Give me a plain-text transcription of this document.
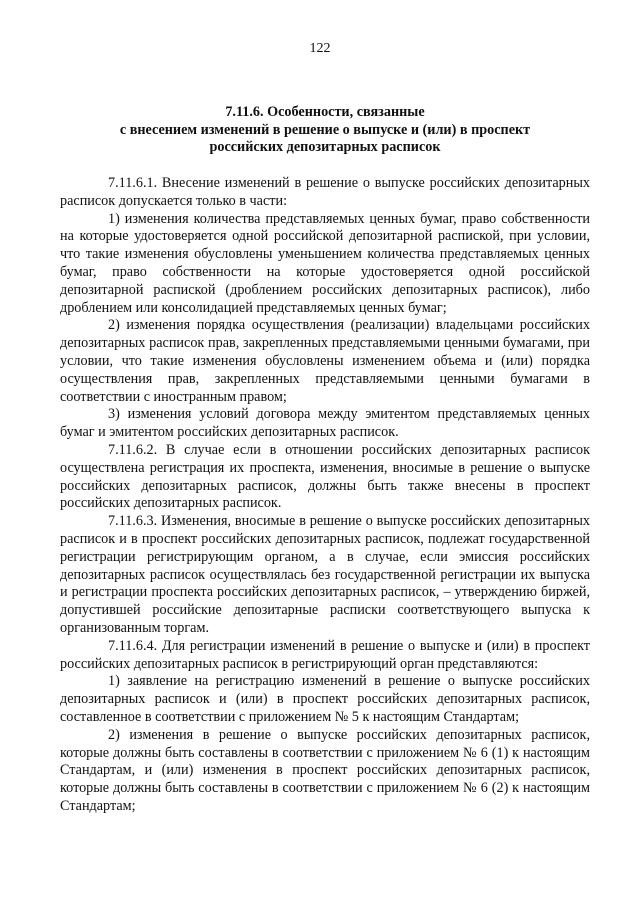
122
7.11.6. Особенности, связанные
с внесением изменений в решение о выпуске и (или) в проспект
российских депозитарных расписок

7.11.6.1. Внесение изменений в решение о выпуске российских депозитарных расписок допускается только в части:

1) изменения количества представляемых ценных бумаг, право собственности на которые удостоверяется одной российской депозитарной распиской, при условии, что такие изменения обусловлены уменьшением количества представляемых ценных бумаг, право собственности на которые удостоверяется одной российской депозитарной распиской (дроблением российских депозитарных расписок), либо дроблением или консолидацией представляемых ценных бумаг;

2) изменения порядка осуществления (реализации) владельцами российских депозитарных расписок прав, закрепленных представляемыми ценными бумагами, при условии, что такие изменения обусловлены изменением объема и (или) порядка осуществления прав, закрепленных представляемыми ценными бумагами в соответствии с иностранным правом;

3) изменения условий договора между эмитентом представляемых ценных бумаг и эмитентом российских депозитарных расписок.

7.11.6.2. В случае если в отношении российских депозитарных расписок осуществлена регистрация их проспекта, изменения, вносимые в решение о выпуске российских депозитарных расписок, должны быть также внесены в проспект российских депозитарных расписок.

7.11.6.3. Изменения, вносимые в решение о выпуске российских депозитарных расписок и в проспект российских депозитарных расписок, подлежат государственной регистрации регистрирующим органом, а в случае, если эмиссия российских депозитарных расписок осуществлялась без государственной регистрации их выпуска и регистрации проспекта российских депозитарных расписок, – утверждению биржей, допустившей российские депозитарные расписки соответствующего выпуска к организованным торгам.

7.11.6.4. Для регистрации изменений в решение о выпуске и (или) в проспект российских депозитарных расписок в регистрирующий орган представляются:

1) заявление на регистрацию изменений в решение о выпуске российских депозитарных расписок и (или) в проспект российских депозитарных расписок, составленное в соответствии с приложением № 5 к настоящим Стандартам;

2) изменения в решение о выпуске российских депозитарных расписок, которые должны быть составлены в соответствии с приложением № 6 (1) к настоящим Стандартам, и (или) изменения в проспект российских депозитарных расписок, которые должны быть составлены в соответствии с приложением № 6 (2) к настоящим Стандартам;
